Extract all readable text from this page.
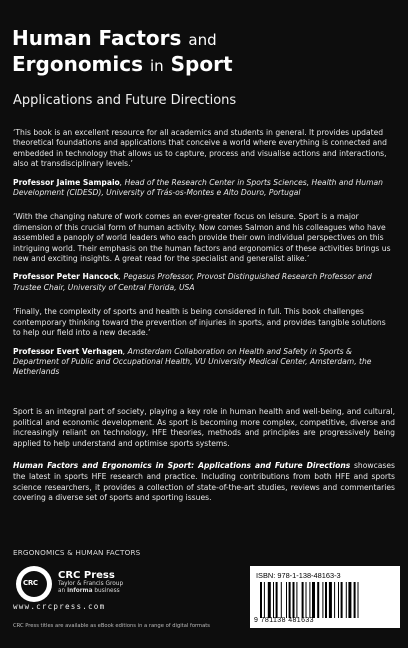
Human Factors and
Ergonomics in Sport
Applications and Future Directions
‘This book is an excellent resource for all academics and students in general. It provides updated theoretical foundations and applications that conceive a world where everything is connected and embedded in technology that allows us to capture, process and visualise actions and interactions, also at transdisciplinary levels.’
Professor Jaime Sampaio, Head of the Research Center in Sports Sciences, Health and Human Development (CIDESD), University of Trás-os-Montes e Alto Douro, Portugal
‘With the changing nature of work comes an ever-greater focus on leisure. Sport is a major dimension of this crucial form of human activity. Now comes Salmon and his colleagues who have assembled a panoply of world leaders who each provide their own individual perspectives on this intriguing world. Their emphasis on the human factors and ergonomics of these activities brings us new and exciting insights. A great read for the specialist and generalist alike.’
Professor Peter Hancock, Pegasus Professor, Provost Distinguished Research Professor and Trustee Chair, University of Central Florida, USA
‘Finally, the complexity of sports and health is being considered in full. This book challenges contemporary thinking toward the prevention of injuries in sports, and provides tangible solutions to help our field into a new decade.’
Professor Evert Verhagen, Amsterdam Collaboration on Health and Safety in Sports & Department of Public and Occupational Health, VU University Medical Center, Amsterdam, the Netherlands

Sport is an integral part of society, playing a key role in human health and well-being, and cultural, political and economic development. As sport is becoming more complex, competitive, diverse and increasingly reliant on technology, HFE theories, methods and principles are progressively being applied to help understand and optimise sports systems.

Human Factors and Ergonomics in Sport: Applications and Future Directions showcases the latest in sports HFE research and practice. Including contributions from both HFE and sports science researchers, it provides a collection of state-of-the-art studies, reviews and commentaries covering a diverse set of sports and sporting issues.

ERGONOMICS & HUMAN FACTORS
CRC
CRC Press
Taylor & Francis Group
an informa business
www.crcpress.com
CRC Press titles are available as eBook editions in a range of digital formats
ISBN: 978-1-138-48163-3
9 781138 481633
